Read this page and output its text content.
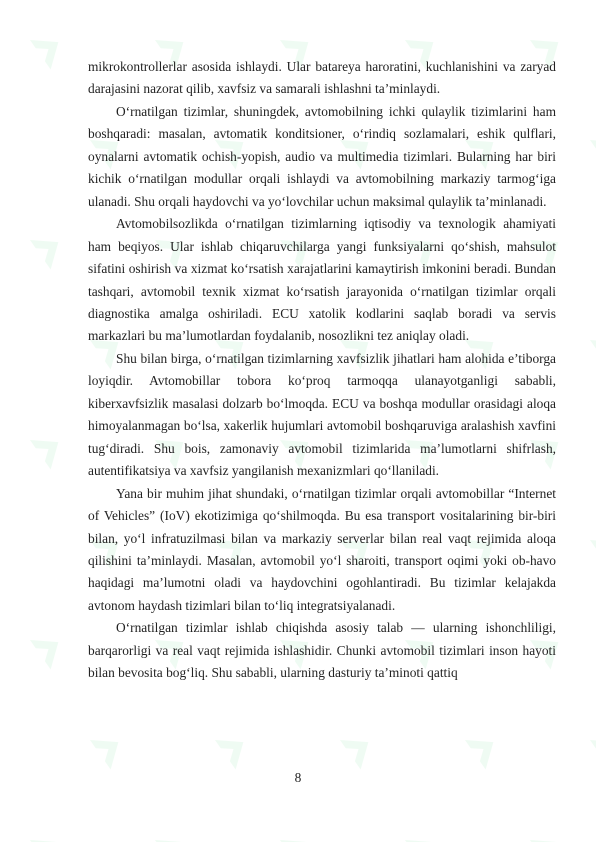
mikrokontrollerlar asosida ishlaydi. Ular batareya haroratini, kuchlanishini va zaryad darajasini nazorat qilib, xavfsiz va samarali ishlashni ta’minlaydi.

O‘rnatilgan tizimlar, shuningdek, avtomobilning ichki qulaylik tizimlarini ham boshqaradi: masalan, avtomatik konditsioner, o‘rindiq sozlamalari, eshik qulflari, oynalarni avtomatik ochish-yopish, audio va multimedia tizimlari. Bularning har biri kichik o‘rnatilgan modullar orqali ishlaydi va avtomobilning markaziy tarmog‘iga ulanadi. Shu orqali haydovchi va yo‘lovchilar uchun maksimal qulaylik ta’minlanadi.

Avtomobilsozlikda o‘rnatilgan tizimlarning iqtisodiy va texnologik ahamiyati ham beqiyos. Ular ishlab chiqaruvchilarga yangi funksiyalarni qo‘shish, mahsulot sifatini oshirish va xizmat ko‘rsatish xarajatlarini kamaytirish imkonini beradi. Bundan tashqari, avtomobil texnik xizmat ko‘rsatish jarayonida o‘rnatilgan tizimlar orqali diagnostika amalga oshiriladi. ECU xatolik kodlarini saqlab boradi va servis markazlari bu ma’lumotlardan foydalanib, nosozlikni tez aniqlay oladi.

Shu bilan birga, o‘rnatilgan tizimlarning xavfsizlik jihatlari ham alohida e’tiborga loyiqdir. Avtomobillar tobora ko‘proq tarmoqqa ulanayotganligi sababli, kiberxavfsizlik masalasi dolzarb bo‘lmoqda. ECU va boshqa modullar orasidagi aloqa himoyalanmagan bo‘lsa, xakerlik hujumlari avtomobil boshqaruviga aralashish xavfini tug‘diradi. Shu bois, zamonaviy avtomobil tizimlarida ma’lumotlarni shifrlash, autentifikatsiya va xavfsiz yangilanish mexanizmlari qo‘llaniladi.

Yana bir muhim jihat shundaki, o‘rnatilgan tizimlar orqali avtomobillar “Internet of Vehicles” (IoV) ekotizimiga qo‘shilmoqda. Bu esa transport vositalarining bir-biri bilan, yo‘l infratuzilmasi bilan va markaziy serverlar bilan real vaqt rejimida aloqa qilishini ta’minlaydi. Masalan, avtomobil yo‘l sharoiti, transport oqimi yoki ob-havo haqidagi ma’lumotni oladi va haydovchini ogohlantiradi. Bu tizimlar kelajakda avtonom haydash tizimlari bilan to‘liq integratsiyalanadi.

O‘rnatilgan tizimlar ishlab chiqishda asosiy talab — ularning ishonchliligi, barqarorligi va real vaqt rejimida ishlashidir. Chunki avtomobil tizimlari inson hayoti bilan bevosita bog‘liq. Shu sababli, ularning dasturiy ta’minoti qattiq

8
